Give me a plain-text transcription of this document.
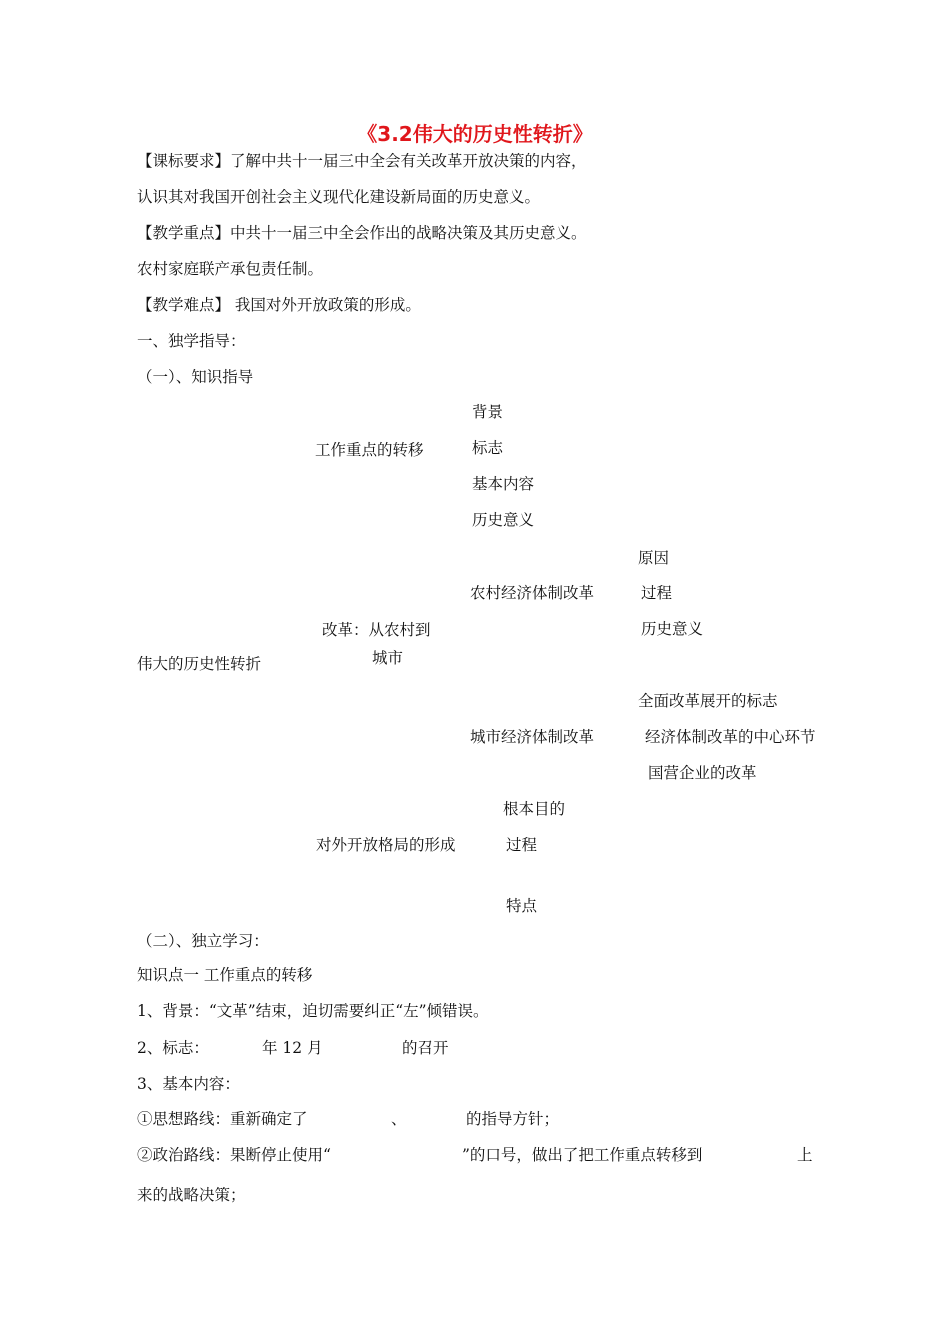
《3.2伟大的历史性转折》
【课标要求】了解中共十一届三中全会有关改革开放决策的内容，
认识其对我国开创社会主义现代化建设新局面的历史意义。
【教学重点】中共十一届三中全会作出的战略决策及其历史意义。
农村家庭联产承包责任制。
【教学难点】 我国对外开放政策的形成。
一、独学指导：
（一）、知识指导
伟大的历史性转折
工作重点的转移
背景
标志
基本内容
历史意义
改革：从农村到
城市
农村经济体制改革
原因
过程
历史意义
城市经济体制改革
全面改革展开的标志
经济体制改革的中心环节
国营企业的改革
对外开放格局的形成
根本目的
过程
特点
（二）、独立学习：
知识点一 工作重点的转移
1、背景：“文革”结束，迫切需要纠正“左”倾错误。
2、标志：	年 12 月	的召开
3、基本内容：
①思想路线：重新确定了	、	的指导方针；
②政治路线：果断停止使用“	”的口号，做出了把工作重点转移到	上
来的战略决策；
